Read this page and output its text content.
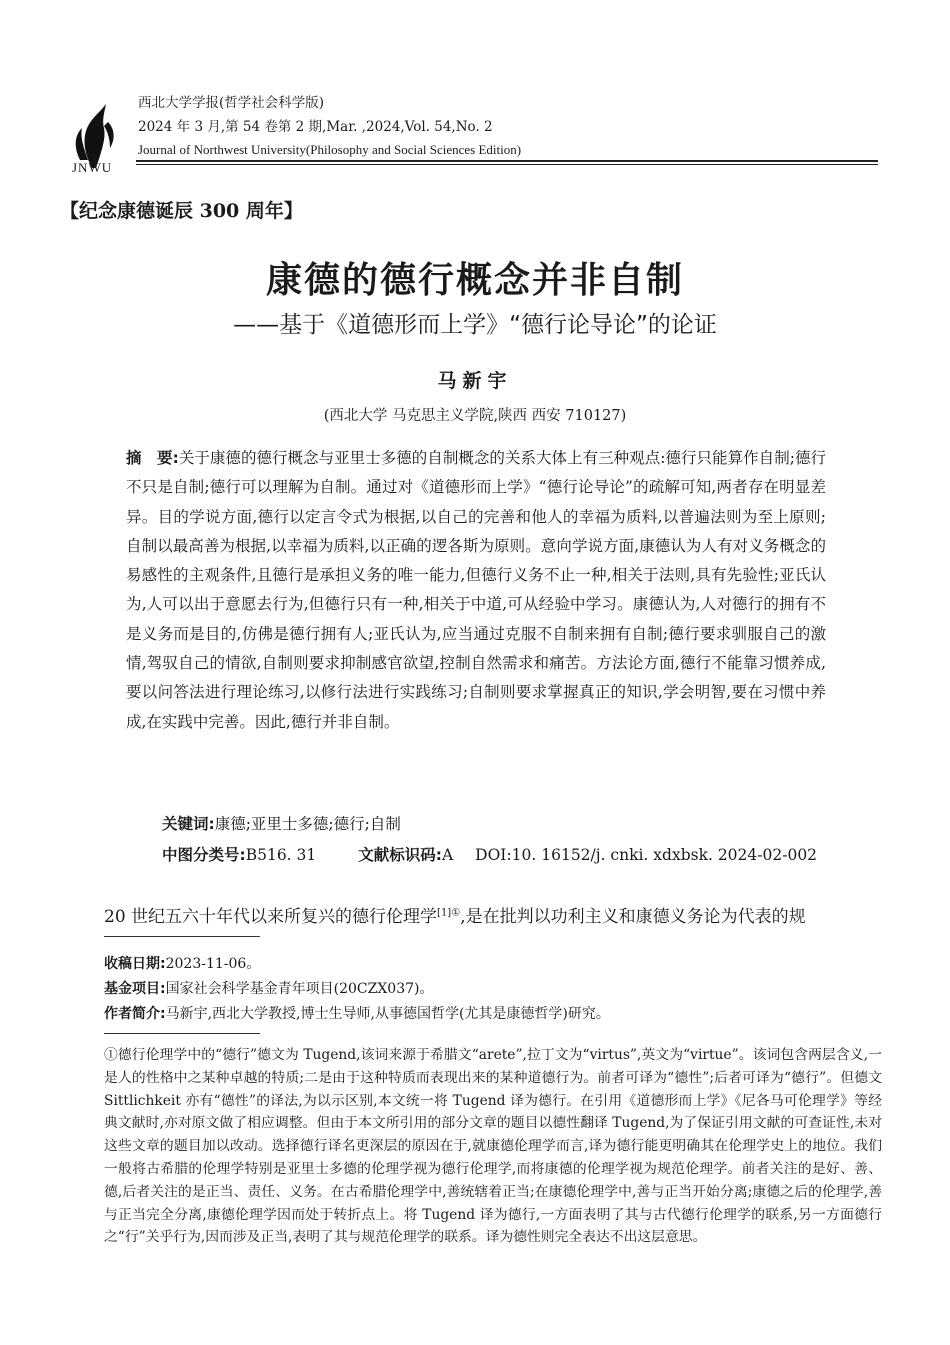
JNWU
西北大学学报(哲学社会科学版)
2024 年 3 月,第 54 卷第 2 期,Mar. ,2024,Vol. 54,No. 2
Journal of Northwest University(Philosophy and Social Sciences Edition)
【纪念康德诞辰 300 周年】
康德的德行概念并非自制
——基于《道德形而上学》“德行论导论”的论证
马新宇
(西北大学 马克思主义学院,陕西 西安 710127)
摘　要:关于康德的德行概念与亚里士多德的自制概念的关系大体上有三种观点:德行只能算作自制;德行不只是自制;德行可以理解为自制。通过对《道德形而上学》“德行论导论”的疏解可知,两者存在明显差异。目的学说方面,德行以定言令式为根据,以自己的完善和他人的幸福为质料,以普遍法则为至上原则;自制以最高善为根据,以幸福为质料,以正确的逻各斯为原则。意向学说方面,康德认为人有对义务概念的易感性的主观条件,且德行是承担义务的唯一能力,但德行义务不止一种,相关于法则,具有先验性;亚氏认为,人可以出于意愿去行为,但德行只有一种,相关于中道,可从经验中学习。康德认为,人对德行的拥有不是义务而是目的,仿佛是德行拥有人;亚氏认为,应当通过克服不自制来拥有自制;德行要求驯服自己的激情,驾驭自己的情欲,自制则要求抑制感官欲望,控制自然需求和痛苦。方法论方面,德行不能靠习惯养成,要以问答法进行理论练习,以修行法进行实践练习;自制则要求掌握真正的知识,学会明智,要在习惯中养成,在实践中完善。因此,德行并非自制。
关键词:康德;亚里士多德;德行;自制
中图分类号:B516. 31	文献标识码:A DOI:10. 16152/j. cnki. xdxbsk. 2024-02-002
20 世纪五六十年代以来所复兴的德行伦理学$^{[1]①}$,是在批判以功利主义和康德义务论为代表的规
收稿日期:2023-11-06。
基金项目:国家社会科学基金青年项目(20CZX037)。
作者简介:马新宇,西北大学教授,博士生导师,从事德国哲学(尤其是康德哲学)研究。
①德行伦理学中的“德行”德文为 Tugend,该词来源于希腊文“arete”,拉丁文为“virtus”,英文为“virtue”。该词包含两层含义,一是人的性格中之某种卓越的特质;二是由于这种特质而表现出来的某种道德行为。前者可译为“德性”;后者可译为“德行”。但德文 Sittlichkeit 亦有“德性”的译法,为以示区别,本文统一将 Tugend 译为德行。在引用《道德形而上学》《尼各马可伦理学》等经典文献时,亦对原文做了相应调整。但由于本文所引用的部分文章的题目以德性翻译 Tugend,为了保证引用文献的可查证性,未对这些文章的题目加以改动。选择德行译名更深层的原因在于,就康德伦理学而言,译为德行能更明确其在伦理学史上的地位。我们一般将古希腊的伦理学特别是亚里士多德的伦理学视为德行伦理学,而将康德的伦理学视为规范伦理学。前者关注的是好、善、德,后者关注的是正当、责任、义务。在古希腊伦理学中,善统辖着正当;在康德伦理学中,善与正当开始分离;康德之后的伦理学,善与正当完全分离,康德伦理学因而处于转折点上。将 Tugend 译为德行,一方面表明了其与古代德行伦理学的联系,另一方面德行之“行”关乎行为,因而涉及正当,表明了其与规范伦理学的联系。译为德性则完全表达不出这层意思。
